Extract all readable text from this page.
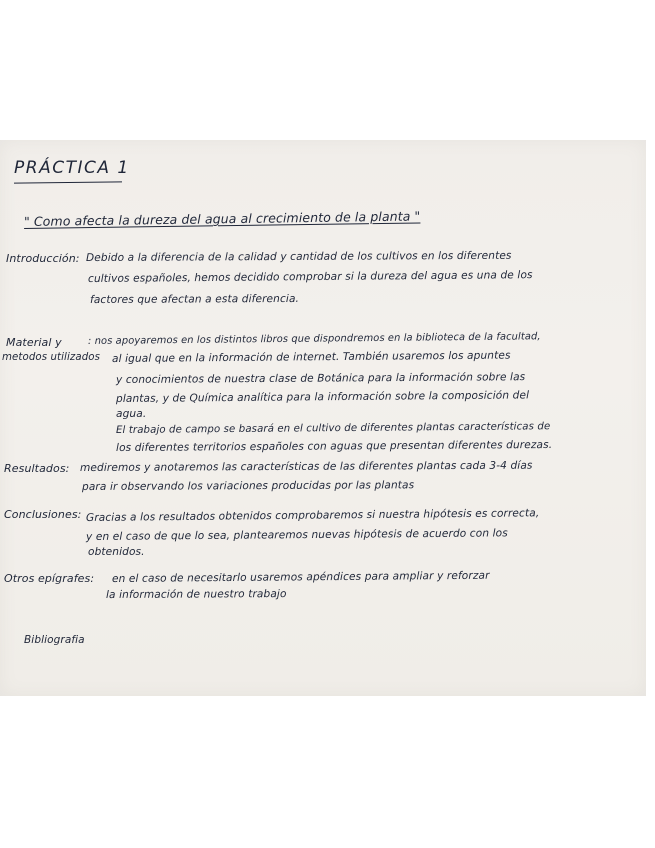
PRÁCTICA 1
" Como afecta la dureza del agua al crecimiento de la planta "
Introducción: Debido a la diferencia de la calidad y cantidad de los cultivos en los diferentes
cultivos españoles, hemos decidido comprobar si la dureza del agua es una de los
factores que afectan a esta diferencia.
Material y
metodos utilizados
: nos apoyaremos en los distintos libros que dispondremos en la biblioteca de la facultad,
al igual que en la información de internet. También usaremos los apuntes
y conocimientos de nuestra clase de Botánica para la información sobre las
plantas, y de Química analítica para la información sobre la composición del
agua.
El trabajo de campo se basará en el cultivo de diferentes plantas características de
los diferentes territorios españoles con aguas que presentan diferentes durezas.
Resultados: mediremos y anotaremos las características de las diferentes plantas cada 3-4 días
para ir observando los variaciones producidas por las plantas
Conclusiones: Gracias a los resultados obtenidos comprobaremos si nuestra hipótesis es correcta,
y en el caso de que lo sea, plantearemos nuevas hipótesis de acuerdo con los
obtenidos.
Otros epígrafes: en el caso de necesitarlo usaremos apéndices para ampliar y reforzar
la información de nuestro trabajo
Bibliografia
